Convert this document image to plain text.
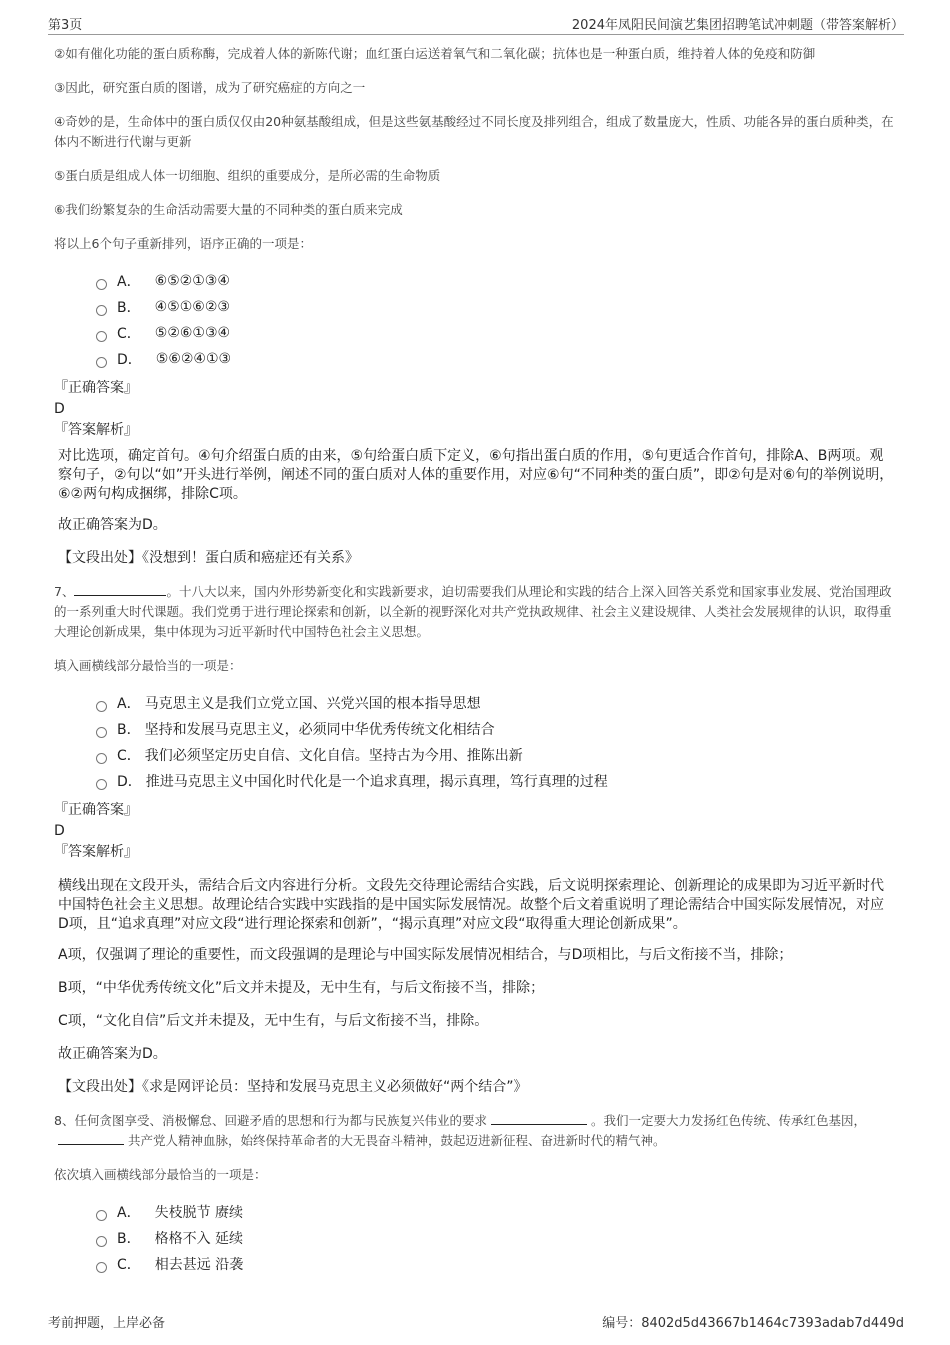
第3页	2024年凤阳民间演艺集团招聘笔试冲刺题（带答案解析）

②如有催化功能的蛋白质称酶，完成着人体的新陈代谢；血红蛋白运送着氧气和二氧化碳；抗体也是一种蛋白质，维持着人体的免疫和防御

③因此，研究蛋白质的图谱，成为了研究癌症的方向之一

④奇妙的是，生命体中的蛋白质仅仅由20种氨基酸组成，但是这些氨基酸经过不同长度及排列组合，组成了数量庞大，性质、功能各异的蛋白质种类，在体内不断进行代谢与更新

⑤蛋白质是组成人体一切细胞、组织的重要成分，是所必需的生命物质

⑥我们纷繁复杂的生命活动需要大量的不同种类的蛋白质来完成

将以上6个句子重新排列，语序正确的一项是：

A． ⑥⑤②①③④
B． ④⑤①⑥②③
C． ⑤②⑥①③④
D． ⑤⑥②④①③

『正确答案』

D

『答案解析』

对比选项，确定首句。④句介绍蛋白质的由来，⑤句给蛋白质下定义，⑥句指出蛋白质的作用，⑤句更适合作首句，排除A、B两项。观察句子，②句以“如”开头进行举例，阐述不同的蛋白质对人体的重要作用，对应⑥句“不同种类的蛋白质”，即②句是对⑥句的举例说明，⑥②两句构成捆绑，排除C项。

故正确答案为D。

【文段出处】《没想到！蛋白质和癌症还有关系》

7、	。十八大以来，国内外形势新变化和实践新要求，迫切需要我们从理论和实践的结合上深入回答关系党和国家事业发展、党治国理政的一系列重大时代课题。我们党勇于进行理论探索和创新，以全新的视野深化对共产党执政规律、社会主义建设规律、人类社会发展规律的认识，取得重大理论创新成果，集中体现为习近平新时代中国特色社会主义思想。

填入画横线部分最恰当的一项是：

A． 马克思主义是我们立党立国、兴党兴国的根本指导思想
B． 坚持和发展马克思主义，必须同中华优秀传统文化相结合
C． 我们必须坚定历史自信、文化自信。坚持古为今用、推陈出新
D． 推进马克思主义中国化时代化是一个追求真理，揭示真理，笃行真理的过程

『正确答案』

D

『答案解析』

横线出现在文段开头，需结合后文内容进行分析。文段先交待理论需结合实践，后文说明探索理论、创新理论的成果即为习近平新时代中国特色社会主义思想。故理论结合实践中实践指的是中国实际发展情况。故整个后文着重说明了理论需结合中国实际发展情况，对应D项，且“追求真理”对应文段“进行理论探索和创新”，“揭示真理”对应文段“取得重大理论创新成果”。

A项，仅强调了理论的重要性，而文段强调的是理论与中国实际发展情况相结合，与D项相比，与后文衔接不当，排除；

B项，“中华优秀传统文化”后文并未提及，无中生有，与后文衔接不当，排除；

C项，“文化自信”后文并未提及，无中生有，与后文衔接不当，排除。

故正确答案为D。

【文段出处】《求是网评论员：坚持和发展马克思主义必须做好“两个结合”》

8、任何贪图享受、消极懈怠、回避矛盾的思想和行为都与民族复兴伟业的要求	。我们一定要大力发扬红色传统、传承红色基因，共产党人精神血脉，始终保持革命者的大无畏奋斗精神，鼓起迈进新征程、奋进新时代的精气神。

依次填入画横线部分最恰当的一项是：

A． 失枝脱节 赓续
B． 格格不入 延续
C． 相去甚远 沿袭
考前押题，上岸必备	编号：8402d5d43667b1464c7393adab7d449d
